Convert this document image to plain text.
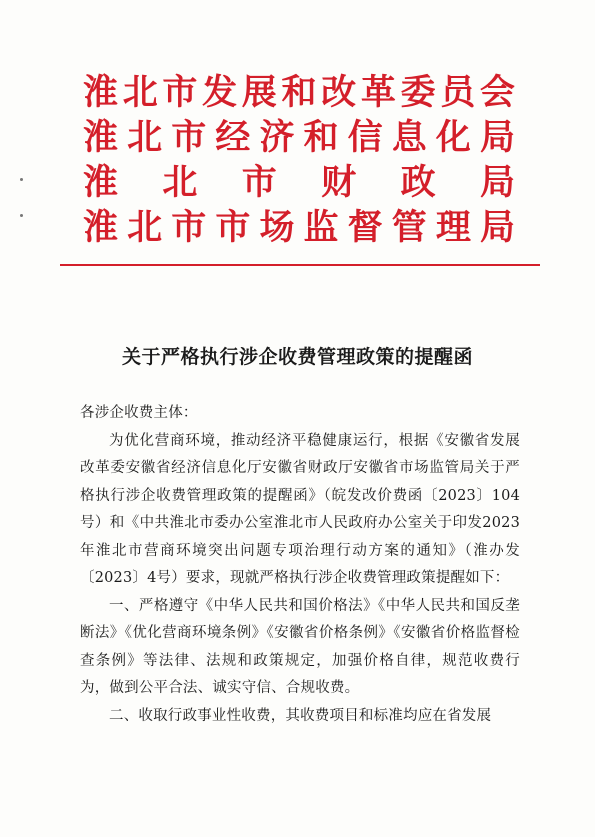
淮 北 市 发 展 和 改 革 委 员 会
淮 北 市 经 济 和 信 息 化 局
淮 北 市 财 政 局
淮 北 市 市 场 监 督 管 理 局
关于严格执行涉企收费管理政策的提醒函

各涉企收费主体：

为优化营商环境，推动经济平稳健康运行，根据《安徽省发展改革委安徽省经济信息化厅安徽省财政厅安徽省市场监管局关于严格执行涉企收费管理政策的提醒函》（皖发改价费函〔2023〕104号）和《中共淮北市委办公室淮北市人民政府办公室关于印发2023年淮北市营商环境突出问题专项治理行动方案的通知》（淮办发〔2023〕4号）要求，现就严格执行涉企收费管理政策提醒如下：

一、严格遵守《中华人民共和国价格法》《中华人民共和国反垄断法》《优化营商环境条例》《安徽省价格条例》《安徽省价格监督检查条例》等法律、法规和政策规定，加强价格自律，规范收费行为，做到公平合法、诚实守信、合规收费。

二、收取行政事业性收费，其收费项目和标准均应在省发展
